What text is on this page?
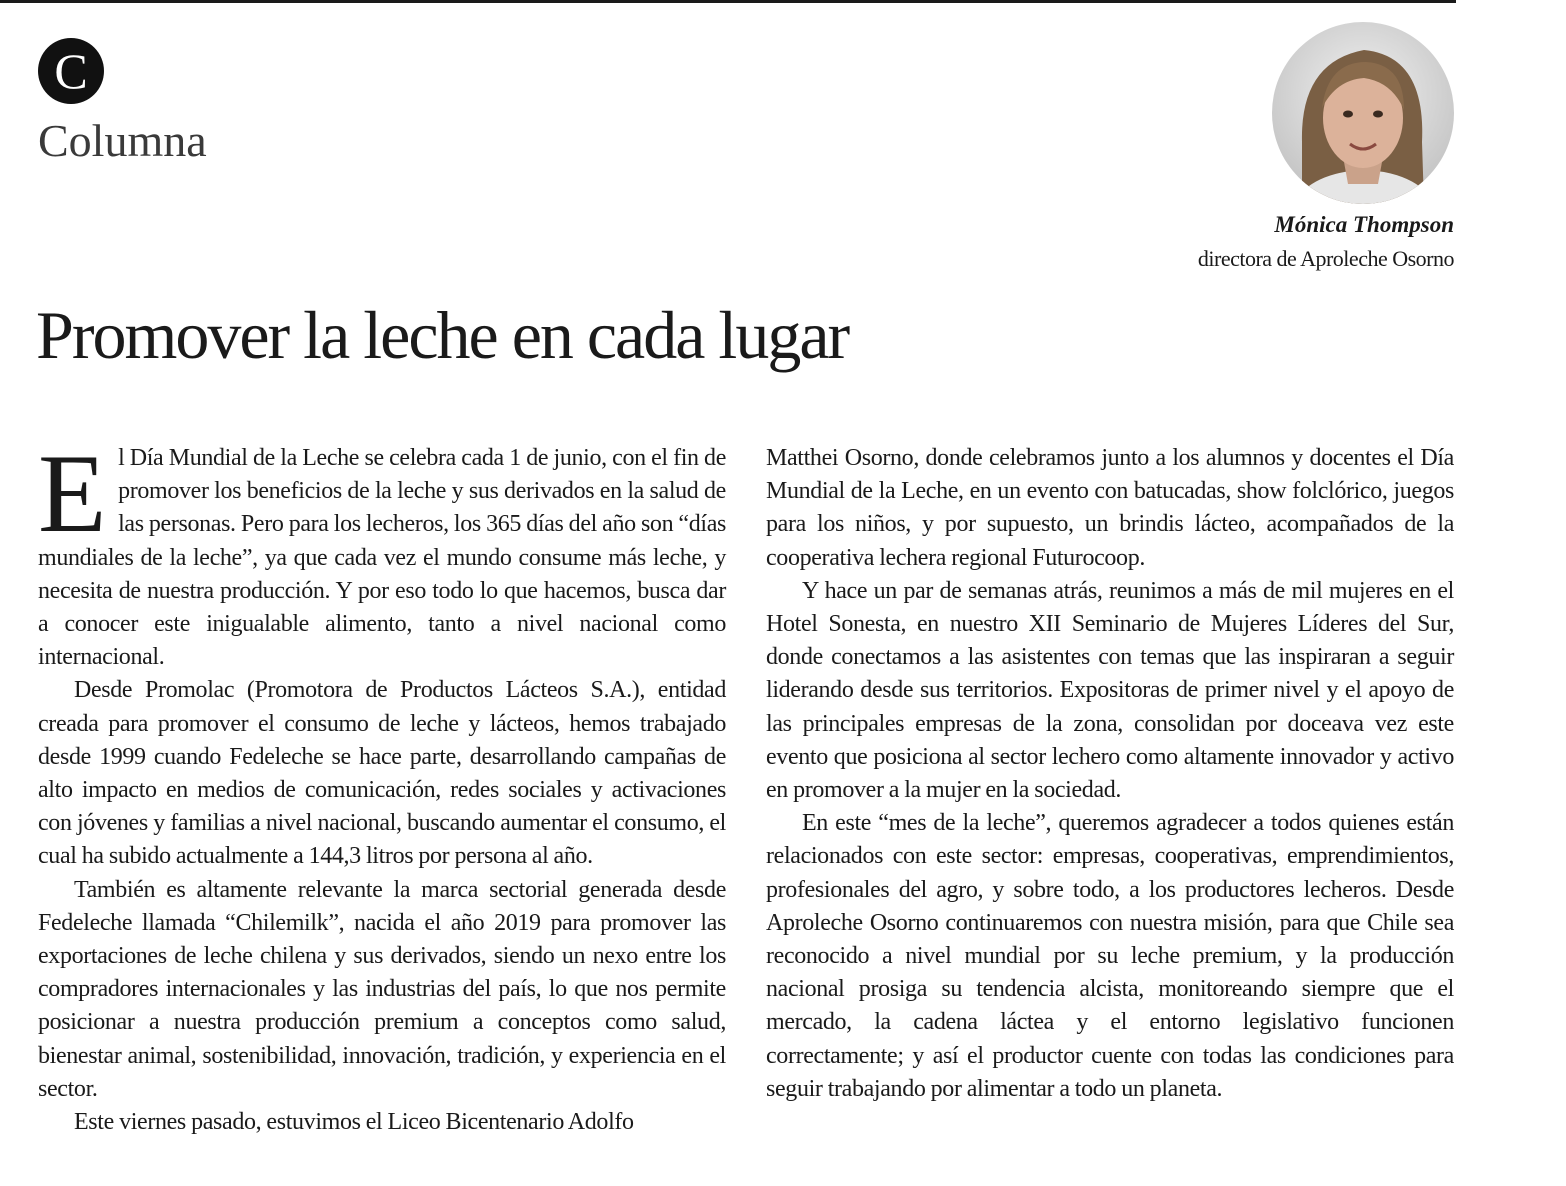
C
Columna
Mónica Thompson
directora de Aproleche Osorno
Promover la leche en cada lugar
E l Día Mundial de la Leche se celebra cada 1 de junio, con el fin de promover los beneficios de la leche y sus derivados en la salud de las personas. Pero para los lecheros, los 365 días del año son “días mundiales de la leche”, ya que cada vez el mundo consume más leche, y necesita de nuestra producción. Y por eso todo lo que hacemos, busca dar a conocer este inigualable alimento, tanto a nivel nacional como internacional.

Desde Promolac (Promotora de Productos Lácteos S.A.), entidad creada para promover el consumo de leche y lácteos, hemos trabajado desde 1999 cuando Fedeleche se hace parte, desarrollando campañas de alto impacto en medios de comunicación, redes sociales y activaciones con jóvenes y familias a nivel nacional, buscando aumentar el consumo, el cual ha subido actualmente a 144,3 litros por persona al año.

También es altamente relevante la marca sectorial generada desde Fedeleche llamada “Chilemilk”, nacida el año 2019 para promover las exportaciones de leche chilena y sus derivados, siendo un nexo entre los compradores internacionales y las industrias del país, lo que nos permite posicionar a nuestra producción premium a conceptos como salud, bienestar animal, sostenibilidad, innovación, tradición, y experiencia en el sector.

Este viernes pasado, estuvimos el Liceo Bicentenario Adolfo

Matthei Osorno, donde celebramos junto a los alumnos y docentes el Día Mundial de la Leche, en un evento con batucadas, show folclórico, juegos para los niños, y por supuesto, un brindis lácteo, acompañados de la cooperativa lechera regional Futurocoop.

Y hace un par de semanas atrás, reunimos a más de mil mujeres en el Hotel Sonesta, en nuestro XII Seminario de Mujeres Líderes del Sur, donde conectamos a las asistentes con temas que las inspiraran a seguir liderando desde sus territorios. Expositoras de primer nivel y el apoyo de las principales empresas de la zona, consolidan por doceava vez este evento que posiciona al sector lechero como altamente innovador y activo en promover a la mujer en la sociedad.

En este “mes de la leche”, queremos agradecer a todos quienes están relacionados con este sector: empresas, cooperativas, emprendimientos, profesionales del agro, y sobre todo, a los productores lecheros. Desde Aproleche Osorno continuaremos con nuestra misión, para que Chile sea reconocido a nivel mundial por su leche premium, y la producción nacional prosiga su tendencia alcista, monitoreando siempre que el mercado, la cadena láctea y el entorno legislativo funcionen correctamente; y así el productor cuente con todas las condiciones para seguir trabajando por alimentar a todo un planeta.
